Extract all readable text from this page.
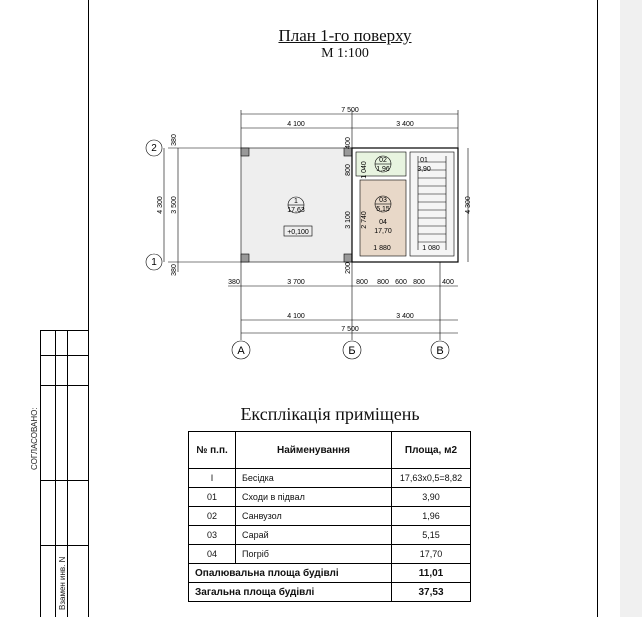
СОГЛАСОВАНО:
Взамен инв. N
План 1-го поверху
М 1:100
7 500
4 100	3 400
380
3 500
380
4 300
2
1
1
17,63
+0,100
02
1,96
01
3,90
03
5,15
04
17,70
400
800 1 040
3 100 2 740
200
1 880	1 080
4 300
380	3 700	800 800 600 800 400
4 100	3 400
7 500
А	Б	В
Експлікація приміщень
№ п.п.	Найменування	Площа, м2
I	Бесідка	17,63х0,5=8,82
01	Сходи в підвал	3,90
02	Санвузол	1,96
03	Сарай	5,15
04	Погріб	17,70
Опалювальна площа будівлі		11,01
Загальна площа будівлі		37,53
